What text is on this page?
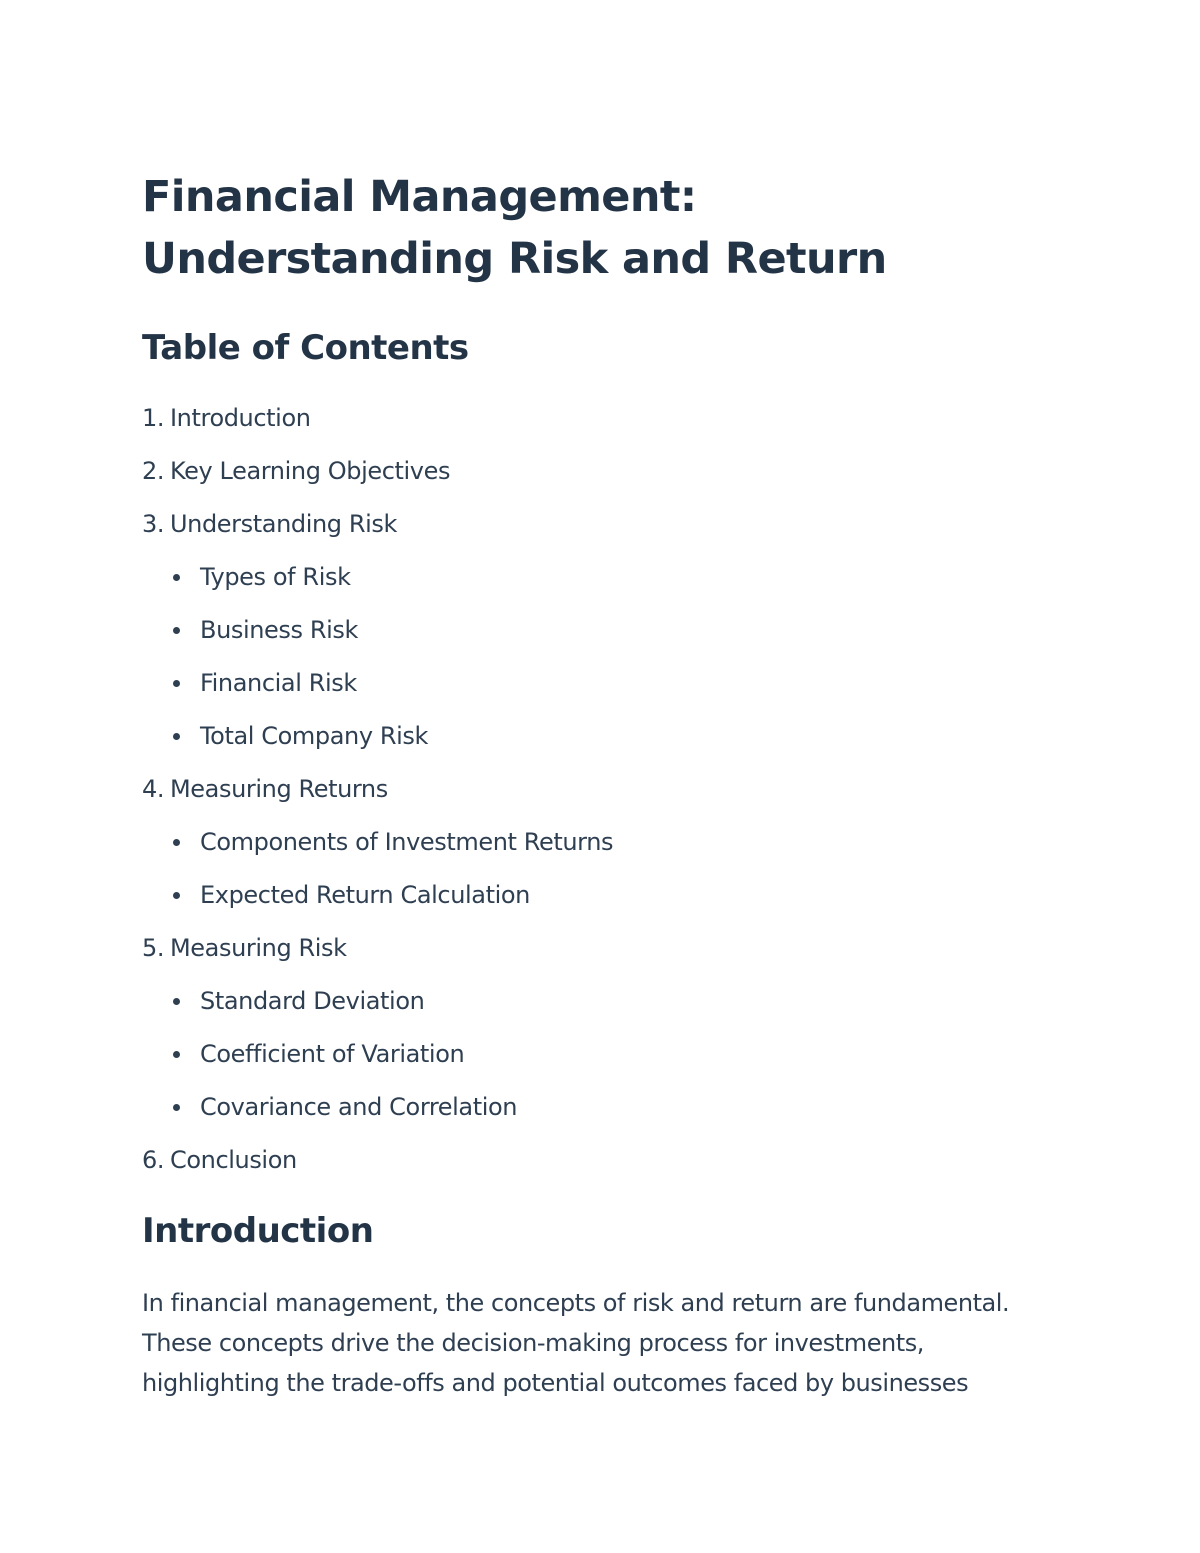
Financial Management: Understanding Risk and Return
Table of Contents
1. Introduction
2. Key Learning Objectives
3. Understanding Risk
Types of Risk
Business Risk
Financial Risk
Total Company Risk
4. Measuring Returns
Components of Investment Returns
Expected Return Calculation
5. Measuring Risk
Standard Deviation
Coefficient of Variation
Covariance and Correlation
6. Conclusion
Introduction

In financial management, the concepts of risk and return are fundamental. These concepts drive the decision-making process for investments, highlighting the trade-offs and potential outcomes faced by businesses
